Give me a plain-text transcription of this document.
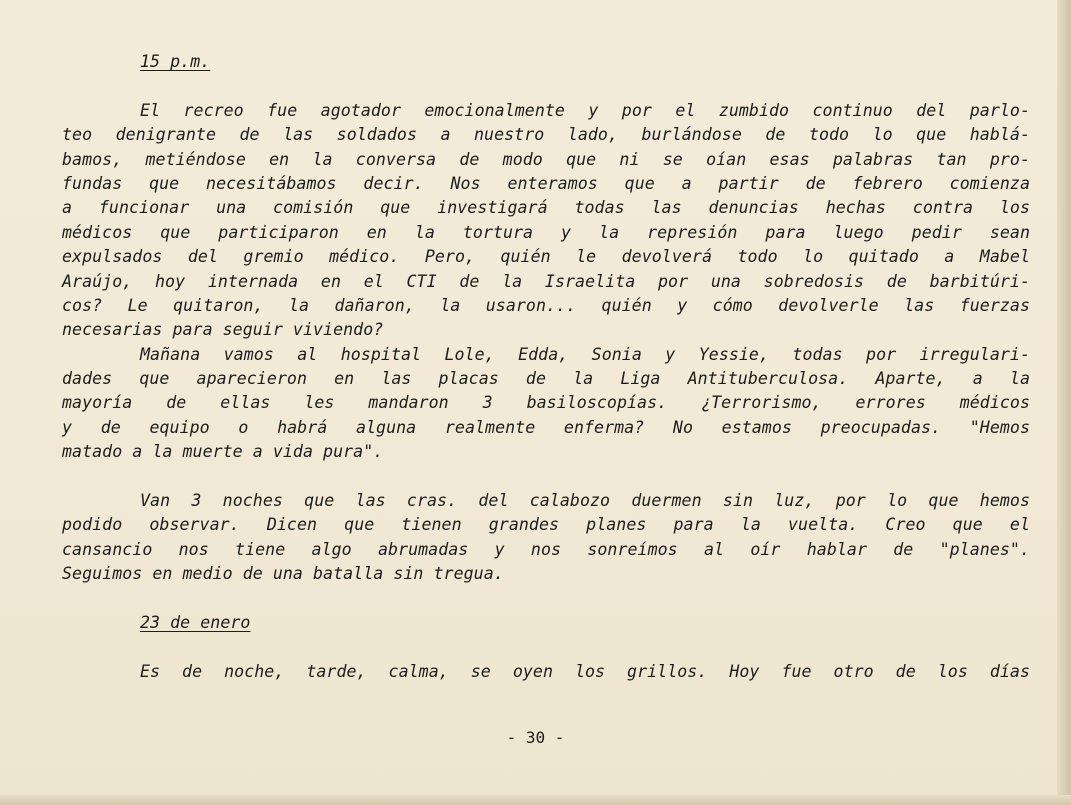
15 p.m.
El recreo fue agotador emocionalmente y por el zumbido continuo del parlo-
teo denigrante de las soldados a nuestro lado, burlándose de todo lo que hablá-
bamos, metiéndose en la conversa de modo que ni se oían esas palabras tan pro-
fundas que necesitábamos decir. Nos enteramos que a partir de febrero comienza
a funcionar una comisión que investigará todas las denuncias hechas contra los
médicos que participaron en la tortura y la represión para luego pedir sean
expulsados del gremio médico. Pero, quién le devolverá todo lo quitado a Mabel
Araújo, hoy internada en el CTI de la Israelita por una sobredosis de barbitúri-
cos? Le quitaron, la dañaron, la usaron... quién y cómo devolverle las fuerzas
necesarias para seguir viviendo?
Mañana vamos al hospital Lole, Edda, Sonia y Yessie, todas por irregulari-
dades que aparecieron en las placas de la Liga Antituberculosa. Aparte, a la
mayoría de ellas les mandaron 3 basiloscopías. ¿Terrorismo, errores médicos
y de equipo o habrá alguna realmente enferma? No estamos preocupadas. "Hemos
matado a la muerte a vida pura".
Van 3 noches que las cras. del calabozo duermen sin luz, por lo que hemos
podido observar. Dicen que tienen grandes planes para la vuelta. Creo que el
cansancio nos tiene algo abrumadas y nos sonreímos al oír hablar de "planes".
Seguimos en medio de una batalla sin tregua.
23 de enero
Es de noche, tarde, calma, se oyen los grillos. Hoy fue otro de los días
- 30 -
